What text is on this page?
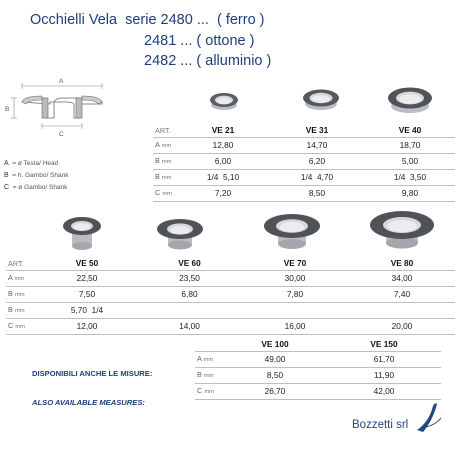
Occhielli Vela  serie 2480 ...  ( ferro )
2481 ... ( ottone )
2482 ... ( alluminio )
A
B
C
A = ø Testa/ Head
B = h. Gambo/ Shank
C = ø Gambo/ Shank
ART.	VE 21	VE 31	VE 40
A mm	12,80	14,70	18,70
B mm	6,00	6,20	5,00
B mm	1/4  5,10	1/4  4,70	1/4  3,50
C mm	7,20	8,50	9,80
ART.	VE 50	VE 60	VE 70	VE 80
A mm	22,50	23,50	30,00	34,00
B mm	7,50	6,80	7,80	7,40
B mm	5,70  1/4			
C mm	12,00	14,00	16,00	20,00

DISPONIBILI ANCHE LE MISURE:

ALSO AVAILABLE MEASURES:

	VE 100	VE 150
A mm	49,00	61,70
B mm	8,50	11,90
C mm	26,70	42,00
Bozzetti srl
